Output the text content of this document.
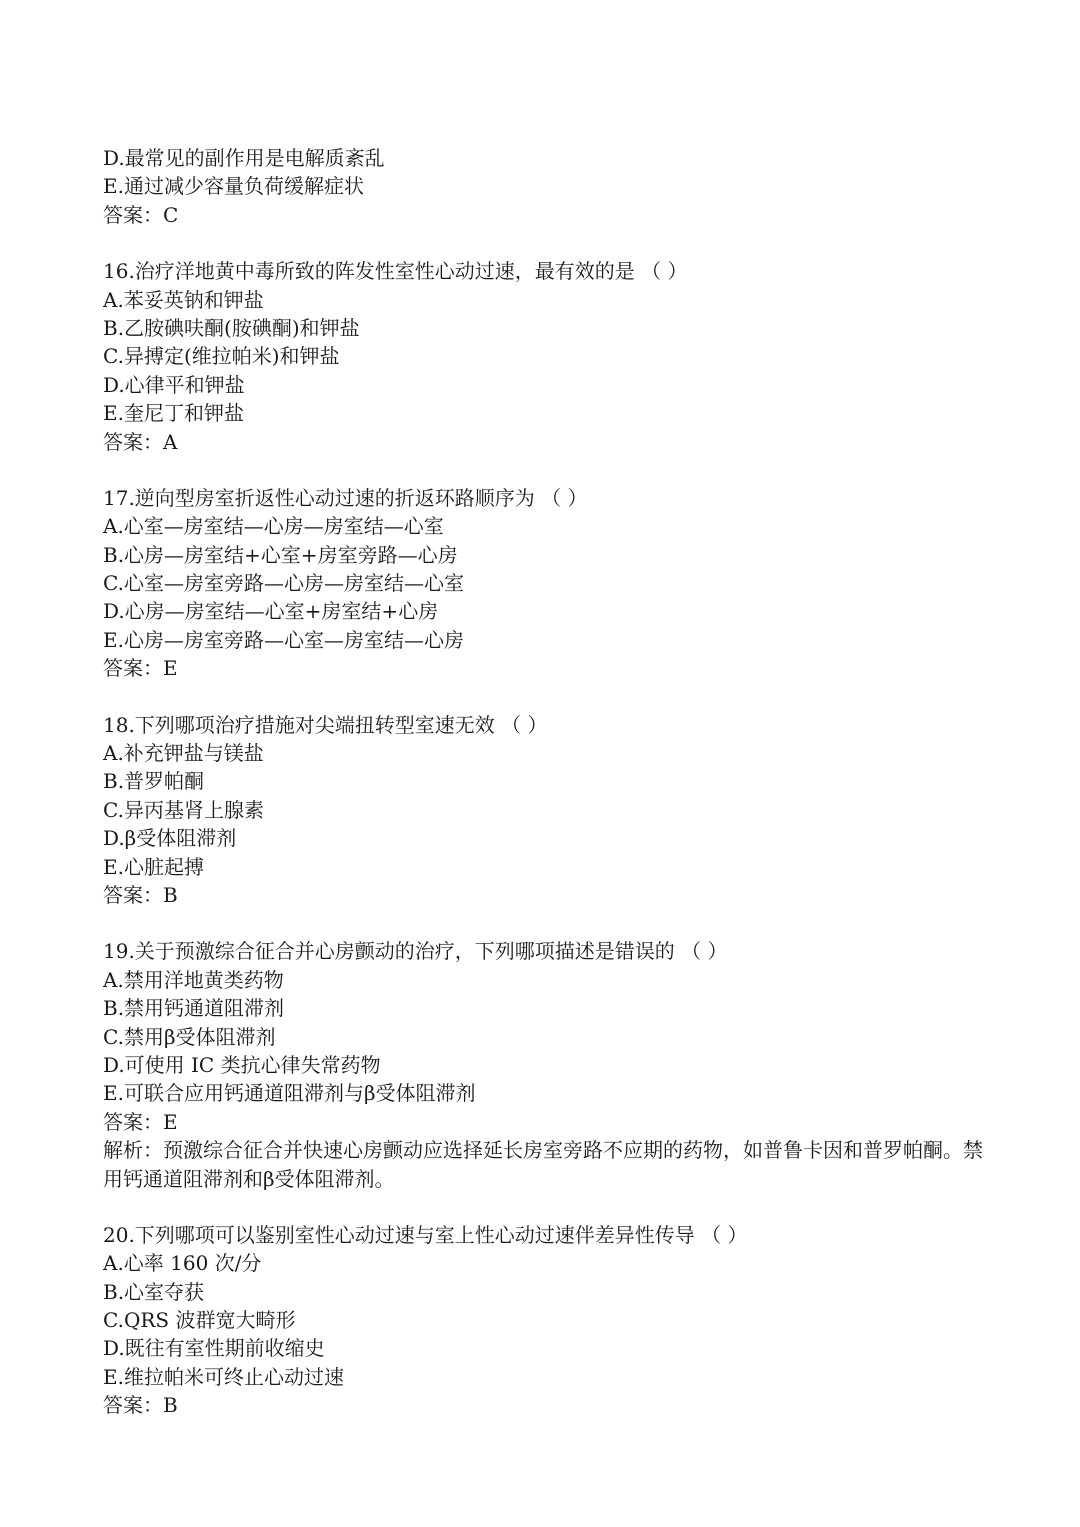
D.最常见的副作用是电解质紊乱
E.通过减少容量负荷缓解症状
答案：C
16.治疗洋地黄中毒所致的阵发性室性心动过速，最有效的是 （ ）
A.苯妥英钠和钾盐
B.乙胺碘呋酮(胺碘酮)和钾盐
C.异搏定(维拉帕米)和钾盐
D.心律平和钾盐
E.奎尼丁和钾盐
答案：A
17.逆向型房室折返性心动过速的折返环路顺序为 （ ）
A.心室—房室结—心房—房室结—心室
B.心房—房室结+心室+房室旁路—心房
C.心室—房室旁路—心房—房室结—心室
D.心房—房室结—心室+房室结+心房
E.心房—房室旁路—心室—房室结—心房
答案：E
18.下列哪项治疗措施对尖端扭转型室速无效 （ ）
A.补充钾盐与镁盐
B.普罗帕酮
C.异丙基肾上腺素
D.β受体阻滞剂
E.心脏起搏
答案：B
19.关于预激综合征合并心房颤动的治疗，下列哪项描述是错误的 （ ）
A.禁用洋地黄类药物
B.禁用钙通道阻滞剂
C.禁用β受体阻滞剂
D.可使用 IC 类抗心律失常药物
E.可联合应用钙通道阻滞剂与β受体阻滞剂
答案：E
解析：预激综合征合并快速心房颤动应选择延长房室旁路不应期的药物，如普鲁卡因和普罗帕酮。禁用钙通道阻滞剂和β受体阻滞剂。
20.下列哪项可以鉴别室性心动过速与室上性心动过速伴差异性传导 （ ）
A.心率 160 次/分
B.心室夺获
C.QRS 波群宽大畸形
D.既往有室性期前收缩史
E.维拉帕米可终止心动过速
答案：B
